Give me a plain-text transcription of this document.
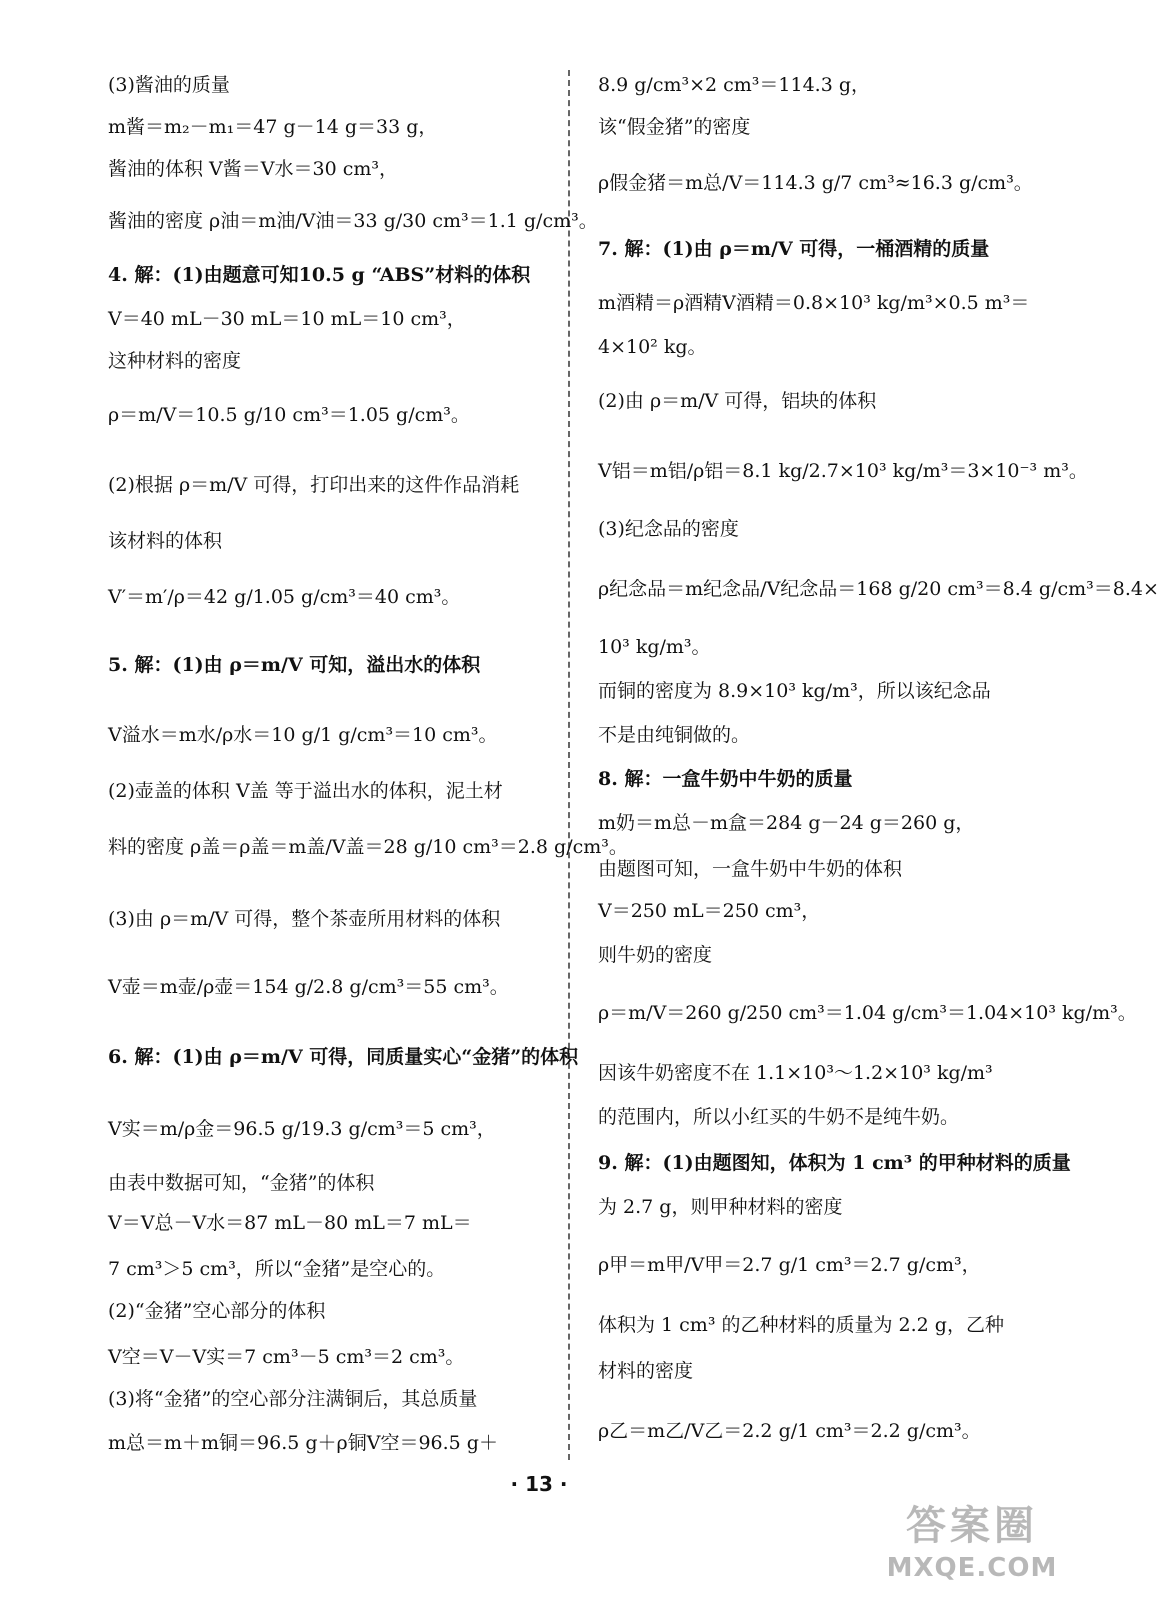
(3)酱油的质量
m酱＝m₂－m₁＝47 g－14 g＝33 g，
酱油的体积 V酱＝V水＝30 cm³，
酱油的密度 ρ油＝m油/V油＝33 g/30 cm³＝1.1 g/cm³。
4. 解：(1)由题意可知10.5 g “ABS”材料的体积
V＝40 mL－30 mL＝10 mL＝10 cm³，
这种材料的密度
ρ＝m/V＝10.5 g/10 cm³＝1.05 g/cm³。
(2)根据 ρ＝m/V 可得，打印出来的这件作品消耗
该材料的体积
V′＝m′/ρ＝42 g/1.05 g/cm³＝40 cm³。
5. 解：(1)由 ρ＝m/V 可知，溢出水的体积
V溢水＝m水/ρ水＝10 g/1 g/cm³＝10 cm³。
(2)壶盖的体积 V盖 等于溢出水的体积，泥土材
料的密度 ρ盖＝ρ盖＝m盖/V盖＝28 g/10 cm³＝2.8 g/cm³。
(3)由 ρ＝m/V 可得，整个茶壶所用材料的体积
V壶＝m壶/ρ壶＝154 g/2.8 g/cm³＝55 cm³。
6. 解：(1)由 ρ＝m/V 可得，同质量实心“金猪”的体积
V实＝m/ρ金＝96.5 g/19.3 g/cm³＝5 cm³，
由表中数据可知，“金猪”的体积
V＝V总－V水＝87 mL－80 mL＝7 mL＝
7 cm³＞5 cm³，所以“金猪”是空心的。
(2)“金猪”空心部分的体积
V空＝V－V实＝7 cm³－5 cm³＝2 cm³。
(3)将“金猪”的空心部分注满铜后，其总质量
m总＝m＋m铜＝96.5 g＋ρ铜V空＝96.5 g＋
8.9 g/cm³×2 cm³＝114.3 g，
该“假金猪”的密度
ρ假金猪＝m总/V＝114.3 g/7 cm³≈16.3 g/cm³。
7. 解：(1)由 ρ＝m/V 可得，一桶酒精的质量
m酒精＝ρ酒精V酒精＝0.8×10³ kg/m³×0.5 m³＝
4×10² kg。
(2)由 ρ＝m/V 可得，铝块的体积
V铝＝m铝/ρ铝＝8.1 kg/2.7×10³ kg/m³＝3×10⁻³ m³。
(3)纪念品的密度
ρ纪念品＝m纪念品/V纪念品＝168 g/20 cm³＝8.4 g/cm³＝8.4×
10³ kg/m³。
而铜的密度为 8.9×10³ kg/m³，所以该纪念品
不是由纯铜做的。
8. 解：一盒牛奶中牛奶的质量
m奶＝m总－m盒＝284 g－24 g＝260 g，
由题图可知，一盒牛奶中牛奶的体积
V＝250 mL＝250 cm³，
则牛奶的密度
ρ＝m/V＝260 g/250 cm³＝1.04 g/cm³＝1.04×10³ kg/m³。
因该牛奶密度不在 1.1×10³～1.2×10³ kg/m³
的范围内，所以小红买的牛奶不是纯牛奶。
9. 解：(1)由题图知，体积为 1 cm³ 的甲种材料的质量
为 2.7 g，则甲种材料的密度
ρ甲＝m甲/V甲＝2.7 g/1 cm³＝2.7 g/cm³，
体积为 1 cm³ 的乙种材料的质量为 2.2 g，乙种
材料的密度
ρ乙＝m乙/V乙＝2.2 g/1 cm³＝2.2 g/cm³。
· 13 ·
答案圈
MXQE.COM
